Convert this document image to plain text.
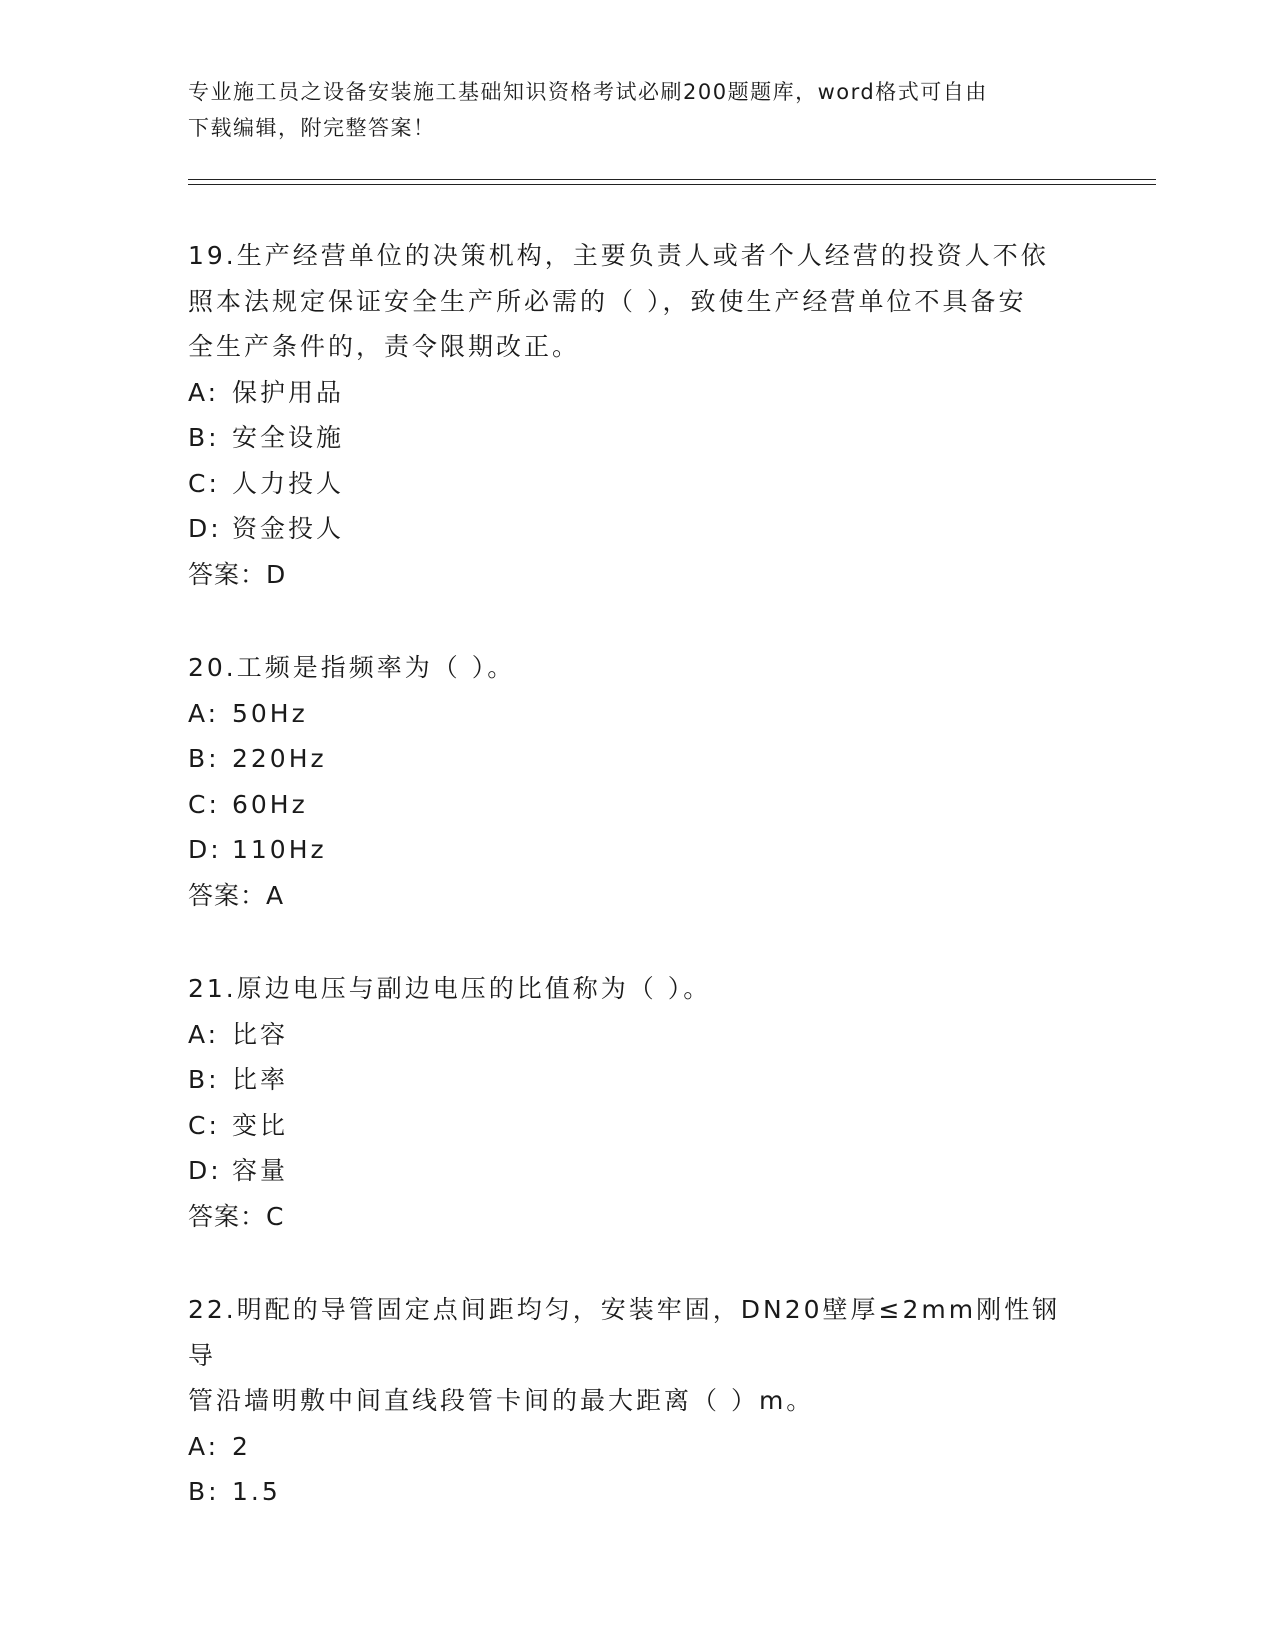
专业施工员之设备安装施工基础知识资格考试必刷200题题库，word格式可自由
下载编辑，附完整答案！
19.生产经营单位的决策机构，主要负责人或者个人经营的投资人不依
照本法规定保证安全生产所必需的（ ），致使生产经营单位不具备安
全生产条件的，责令限期改正。
A: 保护用品
B: 安全设施
C: 人力投人
D: 资金投人
答案：D
20.工频是指频率为（ ）。
A: 50Hz
B: 220Hz
C: 60Hz
D: 110Hz
答案：A
21.原边电压与副边电压的比值称为（ ）。
A: 比容
B: 比率
C: 变比
D: 容量
答案：C
22.明配的导管固定点间距均匀，安装牢固，DN20壁厚≤2mm刚性钢导
管沿墙明敷中间直线段管卡间的最大距离（ ）m。
A: 2
B: 1.5
